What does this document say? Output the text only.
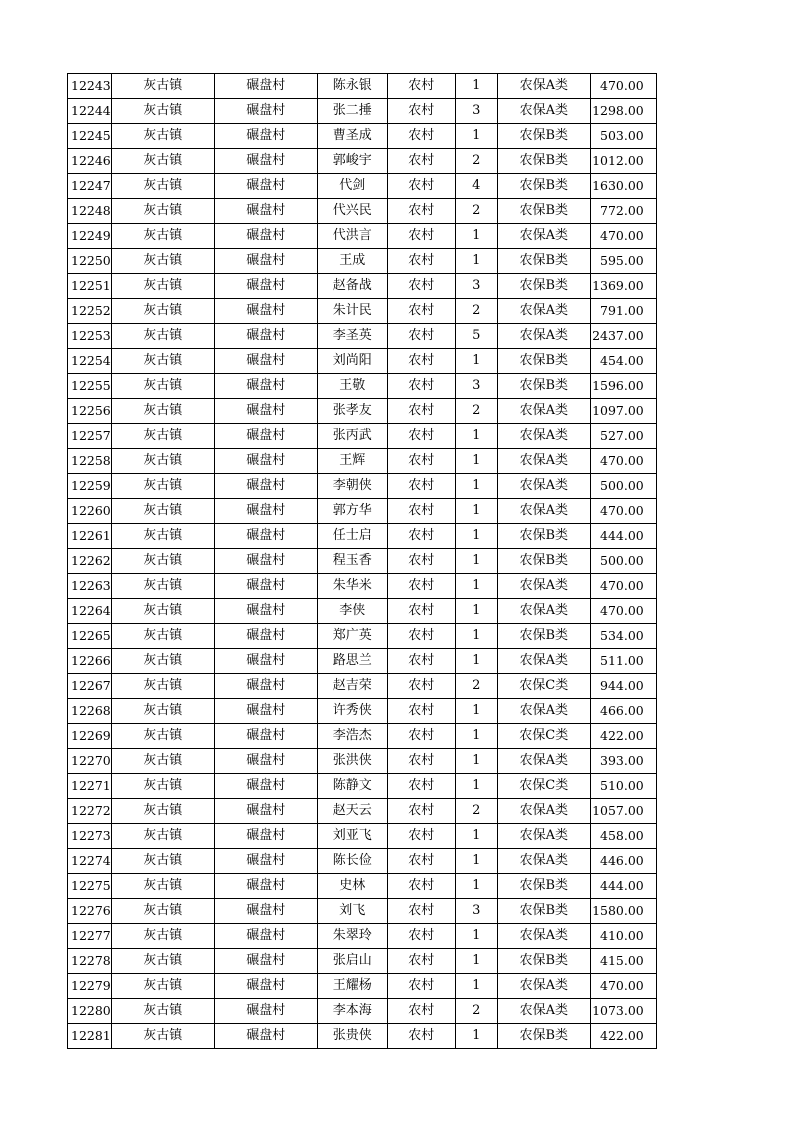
12243	灰古镇	碾盘村	陈永银	农村	1	农保A类	470.00
12244	灰古镇	碾盘村	张二捶	农村	3	农保A类	1298.00
12245	灰古镇	碾盘村	曹圣成	农村	1	农保B类	503.00
12246	灰古镇	碾盘村	郭峻宇	农村	2	农保B类	1012.00
12247	灰古镇	碾盘村	代剑	农村	4	农保B类	1630.00
12248	灰古镇	碾盘村	代兴民	农村	2	农保B类	772.00
12249	灰古镇	碾盘村	代洪言	农村	1	农保A类	470.00
12250	灰古镇	碾盘村	王成	农村	1	农保B类	595.00
12251	灰古镇	碾盘村	赵备战	农村	3	农保B类	1369.00
12252	灰古镇	碾盘村	朱计民	农村	2	农保A类	791.00
12253	灰古镇	碾盘村	李圣英	农村	5	农保A类	2437.00
12254	灰古镇	碾盘村	刘尚阳	农村	1	农保B类	454.00
12255	灰古镇	碾盘村	王敬	农村	3	农保B类	1596.00
12256	灰古镇	碾盘村	张孝友	农村	2	农保A类	1097.00
12257	灰古镇	碾盘村	张丙武	农村	1	农保A类	527.00
12258	灰古镇	碾盘村	王辉	农村	1	农保A类	470.00
12259	灰古镇	碾盘村	李朝侠	农村	1	农保A类	500.00
12260	灰古镇	碾盘村	郭方华	农村	1	农保A类	470.00
12261	灰古镇	碾盘村	任士启	农村	1	农保B类	444.00
12262	灰古镇	碾盘村	程玉香	农村	1	农保B类	500.00
12263	灰古镇	碾盘村	朱华米	农村	1	农保A类	470.00
12264	灰古镇	碾盘村	李侠	农村	1	农保A类	470.00
12265	灰古镇	碾盘村	郑广英	农村	1	农保B类	534.00
12266	灰古镇	碾盘村	路思兰	农村	1	农保A类	511.00
12267	灰古镇	碾盘村	赵吉荣	农村	2	农保C类	944.00
12268	灰古镇	碾盘村	许秀侠	农村	1	农保A类	466.00
12269	灰古镇	碾盘村	李浩杰	农村	1	农保C类	422.00
12270	灰古镇	碾盘村	张洪侠	农村	1	农保A类	393.00
12271	灰古镇	碾盘村	陈静文	农村	1	农保C类	510.00
12272	灰古镇	碾盘村	赵天云	农村	2	农保A类	1057.00
12273	灰古镇	碾盘村	刘亚飞	农村	1	农保A类	458.00
12274	灰古镇	碾盘村	陈长俭	农村	1	农保A类	446.00
12275	灰古镇	碾盘村	史林	农村	1	农保B类	444.00
12276	灰古镇	碾盘村	刘飞	农村	3	农保B类	1580.00
12277	灰古镇	碾盘村	朱翠玲	农村	1	农保A类	410.00
12278	灰古镇	碾盘村	张启山	农村	1	农保B类	415.00
12279	灰古镇	碾盘村	王耀杨	农村	1	农保A类	470.00
12280	灰古镇	碾盘村	李本海	农村	2	农保A类	1073.00
12281	灰古镇	碾盘村	张贵侠	农村	1	农保B类	422.00
